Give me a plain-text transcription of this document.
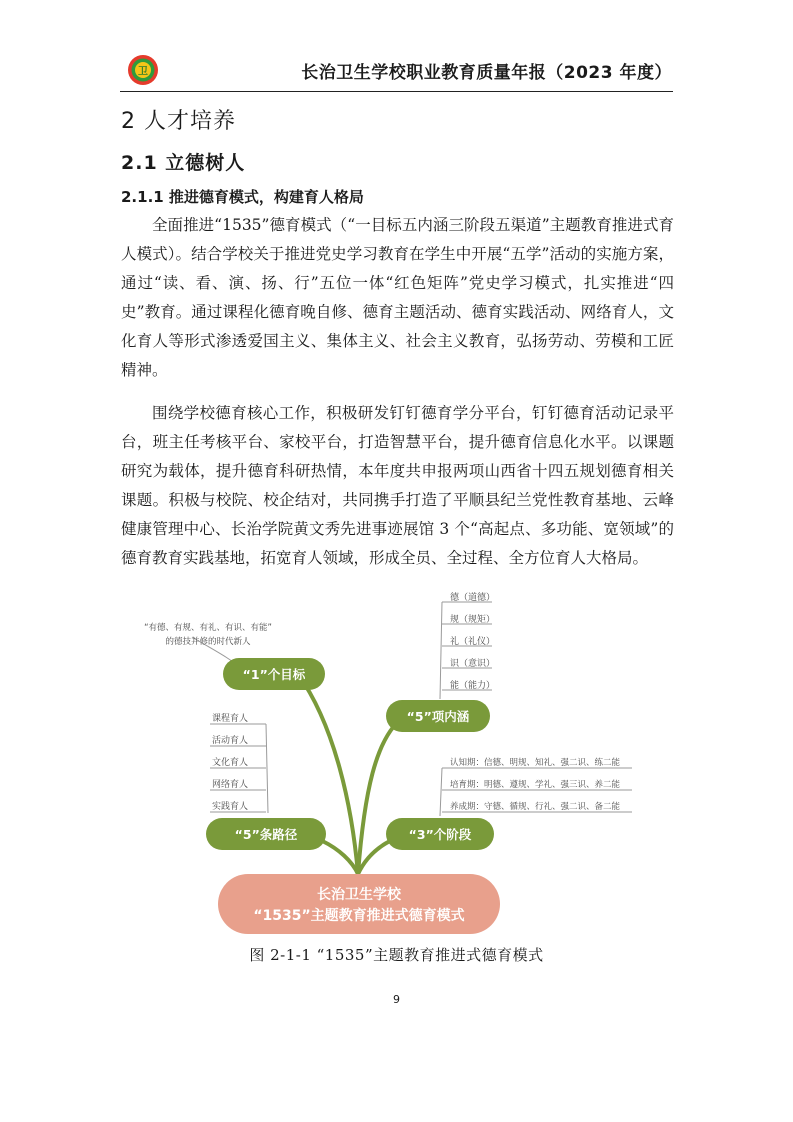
卫	长治卫生学校职业教育质量年报（2023 年度）
2 人才培养
2.1 立德树人
2.1.1 推进德育模式，构建育人格局

全面推进“1535”德育模式（“一目标五内涵三阶段五渠道”主题教育推进式育人模式）。结合学校关于推进党史学习教育在学生中开展“五学”活动的实施方案，通过“读、看、演、扬、行”五位一体“红色矩阵”党史学习模式，扎实推进“四史”教育。通过课程化德育晚自修、德育主题活动、德育实践活动、网络育人，文化育人等形式渗透爱国主义、集体主义、社会主义教育，弘扬劳动、劳模和工匠精神。

围绕学校德育核心工作，积极研发钉钉德育学分平台，钉钉德育活动记录平台，班主任考核平台、家校平台，打造智慧平台，提升德育信息化水平。以课题研究为载体，提升德育科研热情，本年度共申报两项山西省十四五规划德育相关课题。积极与校院、校企结对，共同携手打造了平顺县纪兰党性教育基地、云峰健康管理中心、长治学院黄文秀先进事迹展馆 3 个“高起点、多功能、宽领域”的德育教育实践基地，拓宽育人领域，形成全员、全过程、全方位育人大格局。

“1”个目标
“有德、有规、有礼、有识、有能”
的德技并修的时代新人
“5”项内涵
德（道德）
规（规矩）
礼（礼仪）
识（意识）
能（能力）
“5”条路径
课程育人
活动育人
文化育人
网络育人
实践育人
“3”个阶段
认知期：信德、明规、知礼、强二识、练二能
培育期：明德、遵规、学礼、强三识、养二能
养成期：守德、循规、行礼、强二识、备二能
长治卫生学校
“1535”主题教育推进式德育模式
图 2-1-1 “1535”主题教育推进式德育模式
9
